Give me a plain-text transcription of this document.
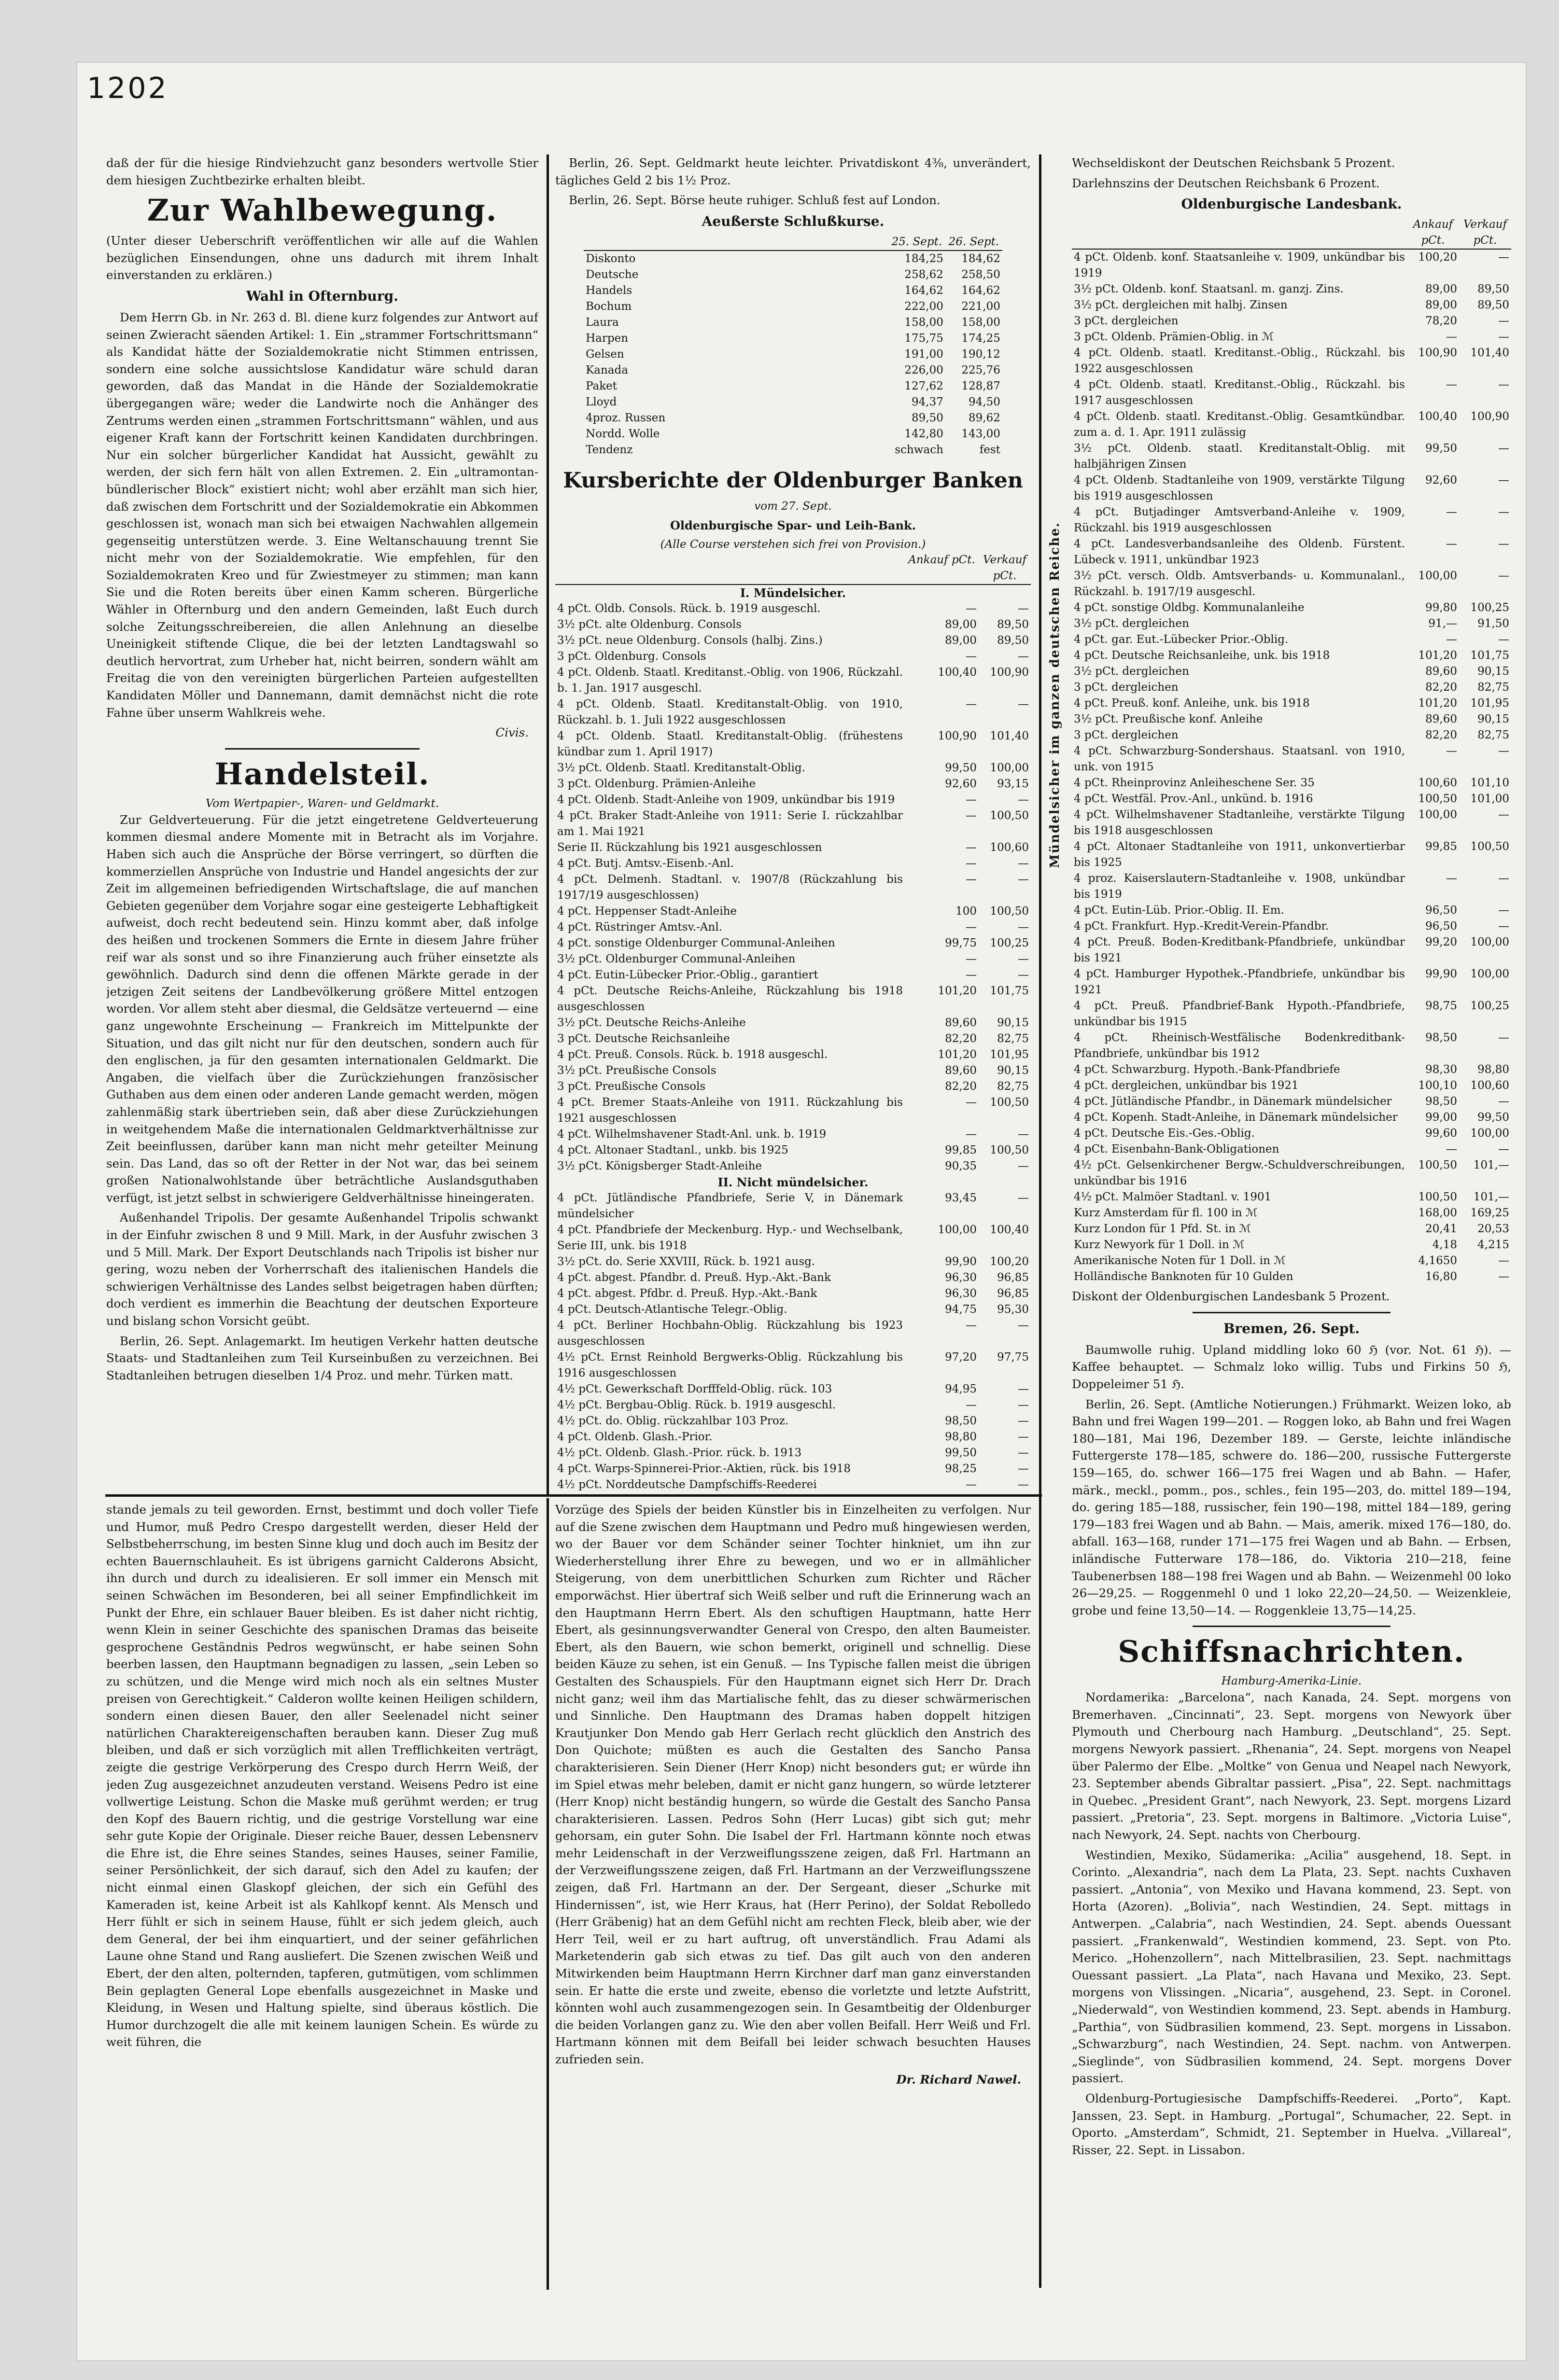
1202

daß der für die hiesige Rindviehzucht ganz besonders wertvolle Stier dem hiesigen Zuchtbezirke erhalten bleibt.

Zur Wahlbewegung.

(Unter dieser Ueberschrift veröffentlichen wir alle auf die Wahlen bezüglichen Einsendungen, ohne uns dadurch mit ihrem Inhalt einverstanden zu erklären.)

Wahl in Ofternburg.

Dem Herrn Gb. in Nr. 263 d. Bl. diene kurz folgendes zur Antwort auf seinen Zwieracht säenden Artikel: 1. Ein „strammer Fortschrittsmann“ als Kandidat hätte der Sozialdemokratie nicht Stimmen entrissen, sondern eine solche aussichtslose Kandidatur wäre schuld daran geworden, daß das Mandat in die Hände der Sozialdemokratie übergegangen wäre; weder die Landwirte noch die Anhänger des Zentrums werden einen „strammen Fortschrittsmann“ wählen, und aus eigener Kraft kann der Fortschritt keinen Kandidaten durchbringen. Nur ein solcher bürgerlicher Kandidat hat Aussicht, gewählt zu werden, der sich fern hält von allen Extremen. 2. Ein „ultramontan-bündlerischer Block“ existiert nicht; wohl aber erzählt man sich hier, daß zwischen dem Fortschritt und der Sozialdemokratie ein Abkommen geschlossen ist, wonach man sich bei etwaigen Nachwahlen allgemein gegenseitig unterstützen werde. 3. Eine Weltanschauung trennt Sie nicht mehr von der Sozialdemokratie. Wie empfehlen, für den Sozialdemokraten Kreo und für Zwiestmeyer zu stimmen; man kann Sie und die Roten bereits über einen Kamm scheren. Bürgerliche Wähler in Ofternburg und den andern Gemeinden, laßt Euch durch solche Zeitungsschreibereien, die allen Anlehnung an dieselbe Uneinigkeit stiftende Clique, die bei der letzten Landtagswahl so deutlich hervortrat, zum Urheber hat, nicht beirren, sondern wählt am Freitag die von den vereinigten bürgerlichen Parteien aufgestellten Kandidaten Möller und Dannemann, damit demnächst nicht die rote Fahne über unserm Wahlkreis wehe.

Civis.
Handelsteil.
Vom Wertpapier-, Waren- und Geldmarkt.

Zur Geldverteuerung. Für die jetzt eingetretene Geldverteuerung kommen diesmal andere Momente mit in Betracht als im Vorjahre. Haben sich auch die Ansprüche der Börse verringert, so dürften die kommerziellen Ansprüche von Industrie und Handel angesichts der zur Zeit im allgemeinen befriedigenden Wirtschaftslage, die auf manchen Gebieten gegenüber dem Vorjahre sogar eine gesteigerte Lebhaftigkeit aufweist, doch recht bedeutend sein. Hinzu kommt aber, daß infolge des heißen und trockenen Sommers die Ernte in diesem Jahre früher reif war als sonst und so ihre Finanzierung auch früher einsetzte als gewöhnlich. Dadurch sind denn die offenen Märkte gerade in der jetzigen Zeit seitens der Landbevölkerung größere Mittel entzogen worden. Vor allem steht aber diesmal, die Geldsätze verteuernd — eine ganz ungewohnte Erscheinung — Frankreich im Mittelpunkte der Situation, und das gilt nicht nur für den deutschen, sondern auch für den englischen, ja für den gesamten internationalen Geldmarkt. Die Angaben, die vielfach über die Zurückziehungen französischer Guthaben aus dem einen oder anderen Lande gemacht werden, mögen zahlenmäßig stark übertrieben sein, daß aber diese Zurückziehungen in weitgehendem Maße die internationalen Geldmarktverhältnisse zur Zeit beeinflussen, darüber kann man nicht mehr geteilter Meinung sein. Das Land, das so oft der Retter in der Not war, das bei seinem großen Nationalwohlstande über beträchtliche Auslandsguthaben verfügt, ist jetzt selbst in schwierigere Geldverhältnisse hineingeraten.

Außenhandel Tripolis. Der gesamte Außenhandel Tripolis schwankt in der Einfuhr zwischen 8 und 9 Mill. Mark, in der Ausfuhr zwischen 3 und 5 Mill. Mark. Der Export Deutschlands nach Tripolis ist bisher nur gering, wozu neben der Vorherrschaft des italienischen Handels die schwierigen Verhältnisse des Landes selbst beigetragen haben dürften; doch verdient es immerhin die Beachtung der deutschen Exporteure und bislang schon Vorsicht geübt.

Berlin, 26. Sept. Anlagemarkt. Im heutigen Verkehr hatten deutsche Staats- und Stadtanleihen zum Teil Kurseinbußen zu verzeichnen. Bei Stadtanleihen betrugen dieselben 1/4 Proz. und mehr. Türken matt.

Berlin, 26. Sept. Geldmarkt heute leichter. Privatdiskont 4⅜, unverändert, tägliches Geld 2 bis 1½ Proz.

Berlin, 26. Sept. Börse heute ruhiger. Schluß fest auf London.

Aeußerste Schlußkurse.
	25. Sept.	26. Sept.
Diskonto	184,25	184,62
Deutsche	258,62	258,50
Handels	164,62	164,62
Bochum	222,00	221,00
Laura	158,00	158,00
Harpen	175,75	174,25
Gelsen	191,00	190,12
Kanada	226,00	225,76
Paket	127,62	128,87
Lloyd	94,37	94,50
4proz. Russen	89,50	89,62
Nordd. Wolle	142,80	143,00
Tendenz	schwach	fest
Kursberichte der Oldenburger Banken
vom 27. Sept.
Oldenburgische Spar- und Leih-Bank.
(Alle Course verstehen sich frei von Provision.)
	Ankauf pCt.	Verkauf pCt.
I. Mündelsicher.		
4 pCt. Oldb. Consols. Rück. b. 1919 ausgeschl.	—	—
3½ pCt. alte Oldenburg. Consols	89,00	89,50
3½ pCt. neue Oldenburg. Consols (halbj. Zins.)	89,00	89,50
3 pCt. Oldenburg. Consols	—	—
4 pCt. Oldenb. Staatl. Kreditanst.-Oblig. von 1906, Rückzahl. b. 1. Jan. 1917 ausgeschl.	100,40	100,90
4 pCt. Oldenb. Staatl. Kreditanstalt-Oblig. von 1910, Rückzahl. b. 1. Juli 1922 ausgeschlossen	—	—
4 pCt. Oldenb. Staatl. Kreditanstalt-Oblig. (frühestens kündbar zum 1. April 1917)	100,90	101,40
3½ pCt. Oldenb. Staatl. Kreditanstalt-Oblig.	99,50	100,00
3 pCt. Oldenburg. Prämien-Anleihe	92,60	93,15
4 pCt. Oldenb. Stadt-Anleihe von 1909, unkündbar bis 1919	—	—
4 pCt. Braker Stadt-Anleihe von 1911: Serie I. rückzahlbar am 1. Mai 1921	—	100,50
Serie II. Rückzahlung bis 1921 ausgeschlossen	—	100,60
4 pCt. Butj. Amtsv.-Eisenb.-Anl.	—	—
4 pCt. Delmenh. Stadtanl. v. 1907/8 (Rückzahlung bis 1917/19 ausgeschlossen)	—	—
4 pCt. Heppenser Stadt-Anleihe	100	100,50
4 pCt. Rüstringer Amtsv.-Anl.	—	—
4 pCt. sonstige Oldenburger Communal-Anleihen	99,75	100,25
3½ pCt. Oldenburger Communal-Anleihen	—	—
4 pCt. Eutin-Lübecker Prior.-Oblig., garantiert	—	—
4 pCt. Deutsche Reichs-Anleihe, Rückzahlung bis 1918 ausgeschlossen	101,20	101,75
3½ pCt. Deutsche Reichs-Anleihe	89,60	90,15
3 pCt. Deutsche Reichsanleihe	82,20	82,75
4 pCt. Preuß. Consols. Rück. b. 1918 ausgeschl.	101,20	101,95
3½ pCt. Preußische Consols	89,60	90,15
3 pCt. Preußische Consols	82,20	82,75
4 pCt. Bremer Staats-Anleihe von 1911. Rückzahlung bis 1921 ausgeschlossen	—	100,50
4 pCt. Wilhelmshavener Stadt-Anl. unk. b. 1919	—	—
4 pCt. Altonaer Stadtanl., unkb. bis 1925	99,85	100,50
3½ pCt. Königsberger Stadt-Anleihe	90,35	—
II. Nicht mündelsicher.		
4 pCt. Jütländische Pfandbriefe, Serie V, in Dänemark mündelsicher	93,45	—
4 pCt. Pfandbriefe der Meckenburg. Hyp.- und Wechselbank, Serie III, unk. bis 1918	100,00	100,40
3½ pCt. do. Serie XXVIII, Rück. b. 1921 ausg.	99,90	100,20
4 pCt. abgest. Pfandbr. d. Preuß. Hyp.-Akt.-Bank	96,30	96,85
4 pCt. abgest. Pfdbr. d. Preuß. Hyp.-Akt.-Bank	96,30	96,85
4 pCt. Deutsch-Atlantische Telegr.-Oblig.	94,75	95,30
4 pCt. Berliner Hochbahn-Oblig. Rückzahlung bis 1923 ausgeschlossen	—	—
4½ pCt. Ernst Reinhold Bergwerks-Oblig. Rückzahlung bis 1916 ausgeschlossen	97,20	97,75
4½ pCt. Gewerkschaft Dorfffeld-Oblig. rück. 103	94,95	—
4½ pCt. Bergbau-Oblig. Rück. b. 1919 ausgeschl.	—	—
4½ pCt. do. Oblig. rückzahlbar 103 Proz.	98,50	—
4 pCt. Oldenb. Glash.-Prior.	98,80	—
4½ pCt. Oldenb. Glash.-Prior. rück. b. 1913	99,50	—
4 pCt. Warps-Spinnerei-Prior.-Aktien, rück. bis 1918	98,25	—
4½ pCt. Norddeutsche Dampfschiffs-Reederei	—	—

Mündelsicher im ganzen deutschen Reiche.

Wechseldiskont der Deutschen Reichsbank 5 Prozent.

Darlehnszins der Deutschen Reichsbank 6 Prozent.

Oldenburgische Landesbank.
	Ankauf pCt.	Verkauf pCt.
4 pCt. Oldenb. konf. Staatsanleihe v. 1909, unkündbar bis 1919	100,20	—
3½ pCt. Oldenb. konf. Staatsanl. m. ganzj. Zins.	89,00	89,50
3½ pCt. dergleichen mit halbj. Zinsen	89,00	89,50
3 pCt. dergleichen	78,20	—
3 pCt. Oldenb. Prämien-Oblig. in ℳ	—	—
4 pCt. Oldenb. staatl. Kreditanst.-Oblig., Rückzahl. bis 1922 ausgeschlossen	100,90	101,40
4 pCt. Oldenb. staatl. Kreditanst.-Oblig., Rückzahl. bis 1917 ausgeschlossen	—	—
4 pCt. Oldenb. staatl. Kreditanst.-Oblig. Gesamtkündbar. zum a. d. 1. Apr. 1911 zulässig	100,40	100,90
3½ pCt. Oldenb. staatl. Kreditanstalt-Oblig. mit halbjährigen Zinsen	99,50	—
4 pCt. Oldenb. Stadtanleihe von 1909, verstärkte Tilgung bis 1919 ausgeschlossen	92,60	—
4 pCt. Butjadinger Amtsverband-Anleihe v. 1909, Rückzahl. bis 1919 ausgeschlossen	—	—
4 pCt. Landesverbandsanleihe des Oldenb. Fürstent. Lübeck v. 1911, unkündbar 1923	—	—
3½ pCt. versch. Oldb. Amtsverbands- u. Kommunalanl., Rückzahl. b. 1917/19 ausgeschl.	100,00	—
4 pCt. sonstige Oldbg. Kommunalanleihe	99,80	100,25
3½ pCt. dergleichen	91,—	91,50
4 pCt. gar. Eut.-Lübecker Prior.-Oblig.	—	—
4 pCt. Deutsche Reichsanleihe, unk. bis 1918	101,20	101,75
3½ pCt. dergleichen	89,60	90,15
3 pCt. dergleichen	82,20	82,75
4 pCt. Preuß. konf. Anleihe, unk. bis 1918	101,20	101,95
3½ pCt. Preußische konf. Anleihe	89,60	90,15
3 pCt. dergleichen	82,20	82,75
4 pCt. Schwarzburg-Sondershaus. Staatsanl. von 1910, unk. von 1915	—	—
4 pCt. Rheinprovinz Anleiheschene Ser. 35	100,60	101,10
4 pCt. Westfäl. Prov.-Anl., unkünd. b. 1916	100,50	101,00
4 pCt. Wilhelmshavener Stadtanleihe, verstärkte Tilgung bis 1918 ausgeschlossen	100,00	—
4 pCt. Altonaer Stadtanleihe von 1911, unkonvertierbar bis 1925	99,85	100,50
4 proz. Kaiserslautern-Stadtanleihe v. 1908, unkündbar bis 1919	—	—
4 pCt. Eutin-Lüb. Prior.-Oblig. II. Em.	96,50	—
4 pCt. Frankfurt. Hyp.-Kredit-Verein-Pfandbr.	96,50	—
4 pCt. Preuß. Boden-Kreditbank-Pfandbriefe, unkündbar bis 1921	99,20	100,00
4 pCt. Hamburger Hypothek.-Pfandbriefe, unkündbar bis 1921	99,90	100,00
4 pCt. Preuß. Pfandbrief-Bank Hypoth.-Pfandbriefe, unkündbar bis 1915	98,75	100,25
4 pCt. Rheinisch-Westfälische Bodenkreditbank-Pfandbriefe, unkündbar bis 1912	98,50	—
4 pCt. Schwarzburg. Hypoth.-Bank-Pfandbriefe	98,30	98,80
4 pCt. dergleichen, unkündbar bis 1921	100,10	100,60
4 pCt. Jütländische Pfandbr., in Dänemark mündelsicher	98,50	—
4 pCt. Kopenh. Stadt-Anleihe, in Dänemark mündelsicher	99,00	99,50
4 pCt. Deutsche Eis.-Ges.-Oblig.	99,60	100,00
4 pCt. Eisenbahn-Bank-Obligationen	—	—
4½ pCt. Gelsenkirchener Bergw.-Schuldverschreibungen, unkündbar bis 1916	100,50	101,—
4½ pCt. Malmöer Stadtanl. v. 1901	100,50	101,—
Kurz Amsterdam für fl. 100 in ℳ	168,00	169,25
Kurz London für 1 Pfd. St. in ℳ	20,41	20,53
Kurz Newyork für 1 Doll. in ℳ	4,18	4,215
Amerikanische Noten für 1 Doll. in ℳ	4,1650	—
Holländische Banknoten für 10 Gulden	16,80	—

Diskont der Oldenburgischen Landesbank 5 Prozent.

Bremen, 26. Sept.

Baumwolle ruhig. Upland middling loko 60 ℌ (vor. Not. 61 ℌ). — Kaffee behauptet. — Schmalz loko willig. Tubs und Firkins 50 ℌ, Doppeleimer 51 ℌ.

Berlin, 26. Sept. (Amtliche Notierungen.) Frühmarkt. Weizen loko, ab Bahn und frei Wagen 199—201. — Roggen loko, ab Bahn und frei Wagen 180—181, Mai 196, Dezember 189. — Gerste, leichte inländische Futtergerste 178—185, schwere do. 186—200, russische Futtergerste 159—165, do. schwer 166—175 frei Wagen und ab Bahn. — Hafer, märk., meckl., pomm., pos., schles., fein 195—203, do. mittel 189—194, do. gering 185—188, russischer, fein 190—198, mittel 184—189, gering 179—183 frei Wagen und ab Bahn. — Mais, amerik. mixed 176—180, do. abfall. 163—168, runder 171—175 frei Wagen und ab Bahn. — Erbsen, inländische Futterware 178—186, do. Viktoria 210—218, feine Taubenerbsen 188—198 frei Wagen und ab Bahn. — Weizenmehl 00 loko 26—29,25. — Roggenmehl 0 und 1 loko 22,20—24,50. — Weizenkleie, grobe und feine 13,50—14. — Roggenkleie 13,75—14,25.

Schiffsnachrichten.
Hamburg-Amerika-Linie.

Nordamerika: „Barcelona“, nach Kanada, 24. Sept. morgens von Bremerhaven. „Cincinnati“, 23. Sept. morgens von Newyork über Plymouth und Cherbourg nach Hamburg. „Deutschland“, 25. Sept. morgens Newyork passiert. „Rhenania“, 24. Sept. morgens von Neapel über Palermo der Elbe. „Moltke“ von Genua und Neapel nach Newyork, 23. September abends Gibraltar passiert. „Pisa“, 22. Sept. nachmittags in Quebec. „President Grant“, nach Newyork, 23. Sept. morgens Lizard passiert. „Pretoria“, 23. Sept. morgens in Baltimore. „Victoria Luise“, nach Newyork, 24. Sept. nachts von Cherbourg.

Westindien, Mexiko, Südamerika: „Acilia“ ausgehend, 18. Sept. in Corinto. „Alexandria“, nach dem La Plata, 23. Sept. nachts Cuxhaven passiert. „Antonia“, von Mexiko und Havana kommend, 23. Sept. von Horta (Azoren). „Bolivia“, nach Westindien, 24. Sept. mittags in Antwerpen. „Calabria“, nach Westindien, 24. Sept. abends Ouessant passiert. „Frankenwald“, Westindien kommend, 23. Sept. von Pto. Merico. „Hohenzollern“, nach Mittelbrasilien, 23. Sept. nachmittags Ouessant passiert. „La Plata“, nach Havana und Mexiko, 23. Sept. morgens von Vlissingen. „Nicaria“, ausgehend, 23. Sept. in Coronel. „Niederwald“, von Westindien kommend, 23. Sept. abends in Hamburg. „Parthia“, von Südbrasilien kommend, 23. Sept. morgens in Lissabon. „Schwarzburg“, nach Westindien, 24. Sept. nachm. von Antwerpen. „Sieglinde“, von Südbrasilien kommend, 24. Sept. morgens Dover passiert.

Oldenburg-Portugiesische Dampfschiffs-Reederei. „Porto“, Kapt. Janssen, 23. Sept. in Hamburg. „Portugal“, Schumacher, 22. Sept. in Oporto. „Amsterdam“, Schmidt, 21. September in Huelva. „Villareal“, Risser, 22. Sept. in Lissabon.

stande jemals zu teil geworden. Ernst, bestimmt und doch voller Tiefe und Humor, muß Pedro Crespo dargestellt werden, dieser Held der Selbstbeherrschung, im besten Sinne klug und doch auch im Besitz der echten Bauernschlauheit. Es ist übrigens garnicht Calderons Absicht, ihn durch und durch zu idealisieren. Er soll immer ein Mensch mit seinen Schwächen im Besonderen, bei all seiner Empfindlichkeit im Punkt der Ehre, ein schlauer Bauer bleiben. Es ist daher nicht richtig, wenn Klein in seiner Geschichte des spanischen Dramas das beiseite gesprochene Geständnis Pedros wegwünscht, er habe seinen Sohn beerben lassen, den Hauptmann begnadigen zu lassen, „sein Leben so zu schützen, und die Menge wird mich noch als ein seltnes Muster preisen von Gerechtigkeit.“ Calderon wollte keinen Heiligen schildern, sondern einen diesen Bauer, den aller Seelenadel nicht seiner natürlichen Charaktereigenschaften berauben kann. Dieser Zug muß bleiben, und daß er sich vorzüglich mit allen Trefflichkeiten verträgt, zeigte die gestrige Verkörperung des Crespo durch Herrn Weiß, der jeden Zug ausgezeichnet anzudeuten verstand. Weisens Pedro ist eine vollwertige Leistung. Schon die Maske muß gerühmt werden; er trug den Kopf des Bauern richtig, und die gestrige Vorstellung war eine sehr gute Kopie der Originale. Dieser reiche Bauer, dessen Lebensnerv die Ehre ist, die Ehre seines Standes, seines Hauses, seiner Familie, seiner Persönlichkeit, der sich darauf, sich den Adel zu kaufen; der nicht einmal einen Glaskopf gleichen, der sich ein Gefühl des Kameraden ist, keine Arbeit ist als Kahlkopf kennt. Als Mensch und Herr fühlt er sich in seinem Hause, fühlt er sich jedem gleich, auch dem General, der bei ihm einquartiert, und der seiner gefährlichen Laune ohne Stand und Rang ausliefert. Die Szenen zwischen Weiß und Ebert, der den alten, polternden, tapferen, gutmütigen, vom schlimmen Bein geplagten General Lope ebenfalls ausgezeichnet in Maske und Kleidung, in Wesen und Haltung spielte, sind überaus köstlich. Die Humor durchzogelt die alle mit keinem launigen Schein. Es würde zu weit führen, die

Vorzüge des Spiels der beiden Künstler bis in Einzelheiten zu verfolgen. Nur auf die Szene zwischen dem Hauptmann und Pedro muß hingewiesen werden, wo der Bauer vor dem Schänder seiner Tochter hinkniet, um ihn zur Wiederherstellung ihrer Ehre zu bewegen, und wo er in allmählicher Steigerung, von dem unerbittlichen Schurken zum Richter und Rächer emporwächst. Hier übertraf sich Weiß selber und ruft die Erinnerung wach an den Hauptmann Herrn Ebert. Als den schuftigen Hauptmann, hatte Herr Ebert, als gesinnungsverwandter General von Crespo, den alten Baumeister. Ebert, als den Bauern, wie schon bemerkt, originell und schnellig. Diese beiden Käuze zu sehen, ist ein Genuß. — Ins Typische fallen meist die übrigen Gestalten des Schauspiels. Für den Hauptmann eignet sich Herr Dr. Drach nicht ganz; weil ihm das Martialische fehlt, das zu dieser schwärmerischen und Sinnliche. Den Hauptmann des Dramas haben doppelt hitzigen Krautjunker Don Mendo gab Herr Gerlach recht glücklich den Anstrich des Don Quichote; müßten es auch die Gestalten des Sancho Pansa charakterisieren. Sein Diener (Herr Knop) nicht besonders gut; er würde ihn im Spiel etwas mehr beleben, damit er nicht ganz hungern, so würde letzterer (Herr Knop) nicht beständig hungern, so würde die Gestalt des Sancho Pansa charakterisieren. Lassen. Pedros Sohn (Herr Lucas) gibt sich gut; mehr gehorsam, ein guter Sohn. Die Isabel der Frl. Hartmann könnte noch etwas mehr Leidenschaft in der Verzweiflungsszene zeigen, daß Frl. Hartmann an der Verzweiflungsszene zeigen, daß Frl. Hartmann an der Verzweiflungsszene zeigen, daß Frl. Hartmann an der. Der Sergeant, dieser „Schurke mit Hindernissen“, ist, wie Herr Kraus, hat (Herr Perino), der Soldat Rebolledo (Herr Gräbenig) hat an dem Gefühl nicht am rechten Fleck, bleib aber, wie der Herr Teil, weil er zu hart auftrug, oft unverständlich. Frau Adami als Marketenderin gab sich etwas zu tief. Das gilt auch von den anderen Mitwirkenden beim Hauptmann Herrn Kirchner darf man ganz einverstanden sein. Er hatte die erste und zweite, ebenso die vorletzte und letzte Aufstritt, könnten wohl auch zusammengezogen sein. In Gesamtbeitig der Oldenburger die beiden Vorlangen ganz zu. Wie den aber vollen Beifall. Herr Weiß und Frl. Hartmann können mit dem Beifall bei leider schwach besuchten Hauses zufrieden sein.

Dr. Richard Nawel.
